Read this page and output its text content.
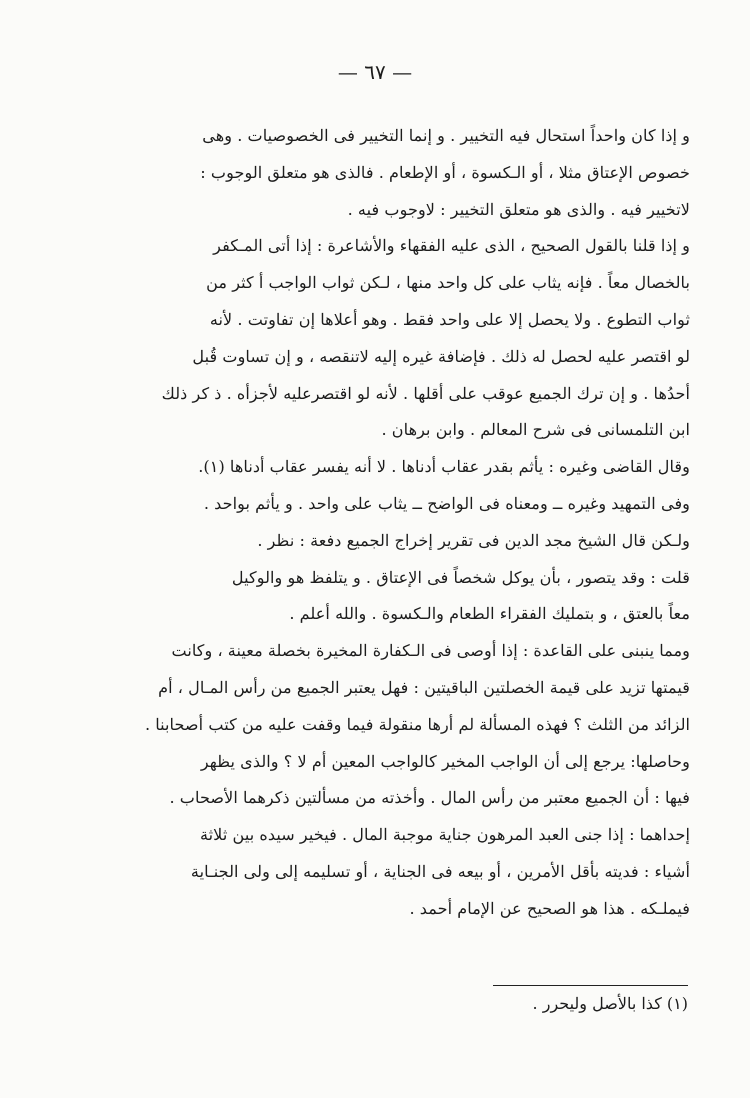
— ٦٧ —
و إذا كان واحداً استحال فيه التخيير . و إنما التخيير فى الخصوصيات . وهى
خصوص الإعتاق مثلا ، أو الـكسوة ، أو الإطعام . فالذى هو متعلق الوجوب :
لاتخيير فيه . والذى هو متعلق التخيير : لاوجوب فيه .
و إذا قلنا بالقول الصحيح ، الذى عليه الفقهاء والأشاعرة : إذا أتى المـكفر
بالخصال معاً . فإنه يثاب على كل واحد منها ، لـكن ثواب الواجب أ كثر من
ثواب التطوع . ولا يحصل إلا على واحد فقط . وهو أعلاها إن تفاوتت . لأنه
لو اقتصر عليه لحصل له ذلك . فإضافة غيره إليه لاتنقصه ، و إن تساوت قُبل
أحدُها . و إن ترك الجميع عوقب على أقلها . لأنه لو اقتصرعليه لأجزأه . ذ كر ذلك
ابن التلمسانى فى شرح المعالم . وابن برهان .
وقال القاضى وغيره : يأثم بقدر عقاب أدناها . لا أنه يفسر عقاب أدناها (١).
وفى التمهيد وغيره ــ ومعناه فى الواضح ــ يثاب على واحد . و يأثم بواحد .
ولـكن قال الشيخ مجد الدين فى تقرير إخراج الجميع دفعة : نظر .
قلت : وقد يتصور ، بأن يوكل شخصاً فى الإعتاق . و يتلفظ هو والوكيل
معاً بالعتق ، و بتمليك الفقراء الطعام والـكسوة . والله أعلم .
ومما ينبنى على القاعدة : إذا أوصى فى الـكفارة المخيرة بخصلة معينة ، وكانت
قيمتها تزيد على قيمة الخصلتين الباقيتين : فهل يعتبر الجميع من رأس المـال ، أم
الزائد من الثلث ؟ فهذه المسألة لم أرها منقولة فيما وقفت عليه من كتب أصحابنا .
وحاصلها: يرجع إلى أن الواجب المخير كالواجب المعين أم لا ؟ والذى يظهر
فيها : أن الجميع معتبر من رأس المال . وأخذته من مسألتين ذكرهما الأصحاب .
إحداهما : إذا جنى العبد المرهون جناية موجبة المال . فيخير سيده بين ثلاثة
أشياء : فديته بأقل الأمرين ، أو بيعه فى الجناية ، أو تسليمه إلى ولى الجنـاية
فيملـكه . هذا هو الصحيح عن الإمام أحمد .
(١) كذا بالأصل وليحرر .
